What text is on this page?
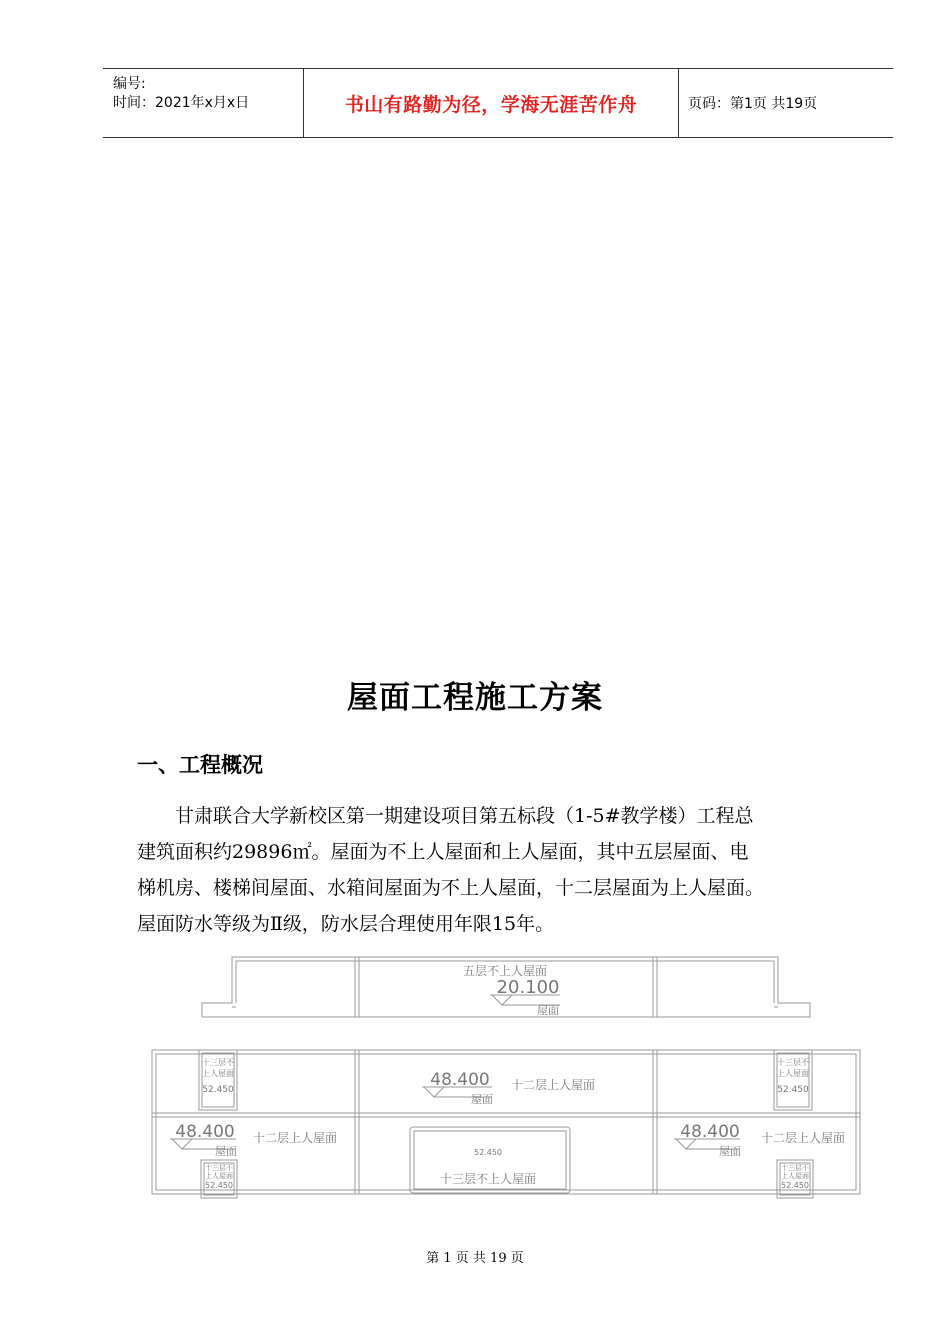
编号:
时间：2021年x月x日	书山有路勤为径，学海无涯苦作舟	页码：第1页 共19页
屋面工程施工方案
一、工程概况
甘肃联合大学新校区第一期建设项目第五标段（1-5#教学楼）工程总
建筑面积约29896㎡。屋面为不上人屋面和上人屋面，其中五层屋面、电
梯机房、楼梯间屋面、水箱间屋面为不上人屋面，十二层屋面为上人屋面。
屋面防水等级为Ⅱ级，防水层合理使用年限15年。
五层不上人屋面
20.100
屋面
48.400
屋面
十二层上人屋面
48.400
屋面
十二层上人屋面	48.400
屋面
十二层上人屋面
52.450
十三层不上人屋面
十三层不
上人屋面
52.450
十三层不
上人屋面
52.450
十三层不
上人屋面
52.450
十三层不
上人屋面
52.450
第 1 页 共 19 页
